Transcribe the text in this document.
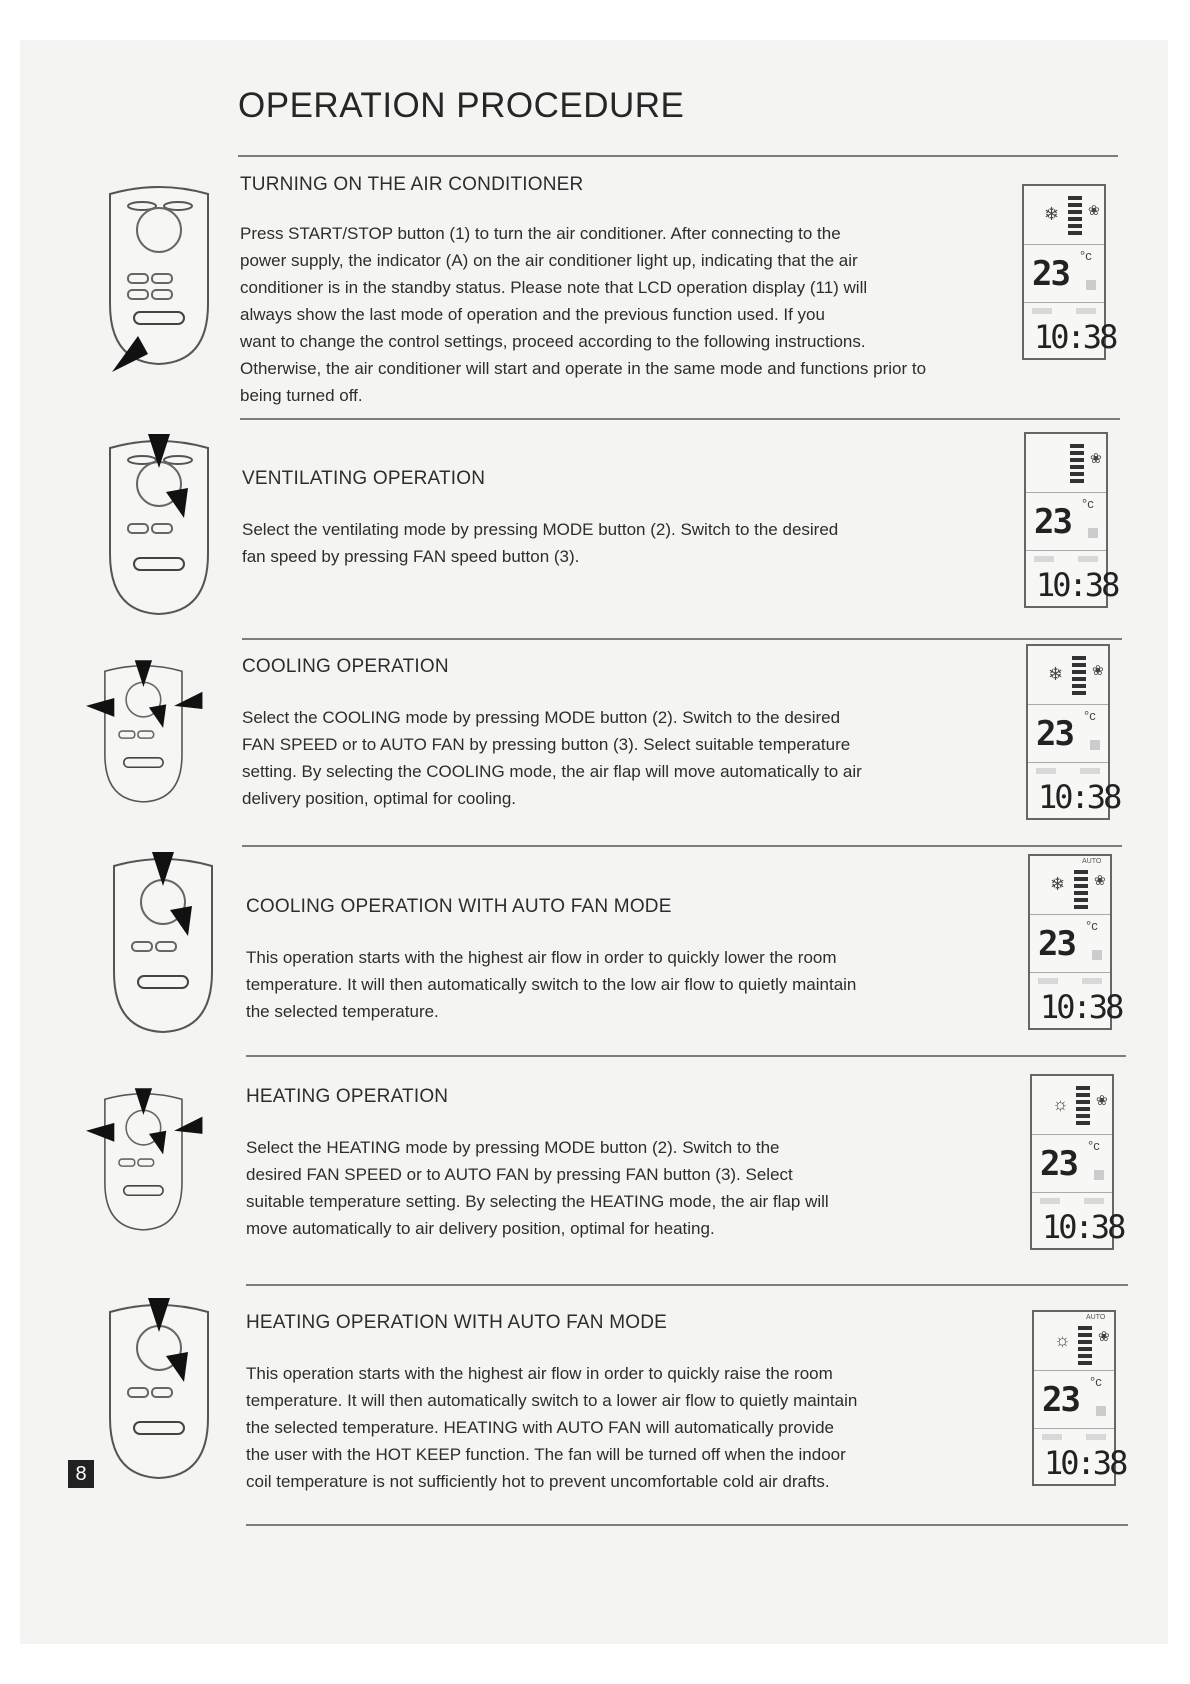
OPERATION PROCEDURE
TURNING ON THE AIR CONDITIONER
Press START/STOP button (1) to turn the air conditioner. After connecting to the
power supply, the indicator (A) on the air conditioner light up, indicating that the air
conditioner is in the standby status. Please note that LCD operation display (11) will
always show the last mode of operation and the previous function used. If you
want to change the control settings, proceed according to the following instructions.
Otherwise, the air conditioner will start and operate in the same mode and functions prior to
being turned off.
VENTILATING OPERATION
Select the ventilating mode by pressing MODE button (2). Switch to the desired
fan speed by pressing FAN speed button (3).
COOLING OPERATION
Select the COOLING mode by pressing MODE button (2). Switch to the desired
FAN SPEED or to AUTO FAN by pressing button (3). Select suitable temperature
setting. By selecting the COOLING mode, the air flap will move automatically to air
delivery position, optimal for cooling.
COOLING OPERATION WITH AUTO FAN MODE
This operation starts with the highest air flow in order to quickly lower the room
temperature. It will then automatically switch to the low air flow to quietly maintain
the selected temperature.
HEATING OPERATION
Select the HEATING mode by pressing MODE button (2). Switch to the
desired FAN SPEED or to AUTO FAN by pressing FAN button (3). Select
suitable temperature setting. By selecting the HEATING mode, the air flap will
move automatically to air delivery position, optimal for heating.
HEATING OPERATION WITH AUTO FAN MODE
This operation starts with the highest air flow in order to quickly raise the room
temperature. It will then automatically switch to a lower air flow to quietly maintain
the selected temperature. HEATING with AUTO FAN will automatically provide
the user with the HOT KEEP function. The fan will be turned off when the indoor
coil temperature is not sufficiently hot to prevent uncomfortable cold air drafts.
❄ ❀
23 °c
10:38
❀
23 °c
10:38
❄ ❀
23 °c
10:38
AUTO
❄ ❀
23 °c
10:38
☼ ❀
23 °c
10:38
AUTO
☼ ❀
23 °c
10:38
8
